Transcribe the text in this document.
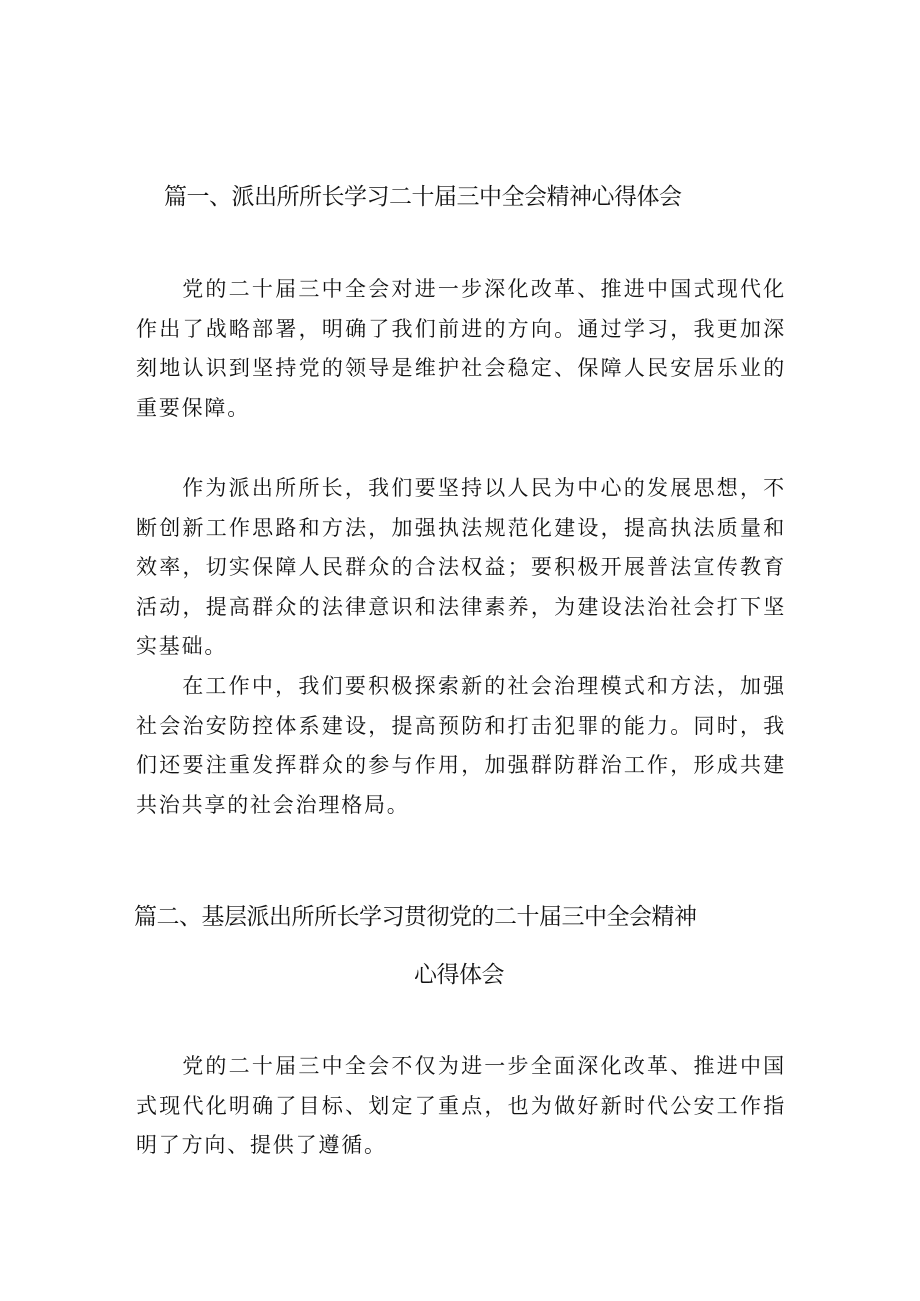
篇一、派出所所长学习二十届三中全会精神心得体会

党的二十届三中全会对进一步深化改革、推进中国式现代化作出了战略部署，明确了我们前进的方向。通过学习，我更加深刻地认识到坚持党的领导是维护社会稳定、保障人民安居乐业的重要保障。

作为派出所所长，我们要坚持以人民为中心的发展思想，不断创新工作思路和方法，加强执法规范化建设，提高执法质量和效率，切实保障人民群众的合法权益；要积极开展普法宣传教育活动，提高群众的法律意识和法律素养，为建设法治社会打下坚实基础。

在工作中，我们要积极探索新的社会治理模式和方法，加强社会治安防控体系建设，提高预防和打击犯罪的能力。同时，我们还要注重发挥群众的参与作用，加强群防群治工作，形成共建共治共享的社会治理格局。

篇二、基层派出所所长学习贯彻党的二十届三中全会精神
心得体会

党的二十届三中全会不仅为进一步全面深化改革、推进中国式现代化明确了目标、划定了重点，也为做好新时代公安工作指明了方向、提供了遵循。
